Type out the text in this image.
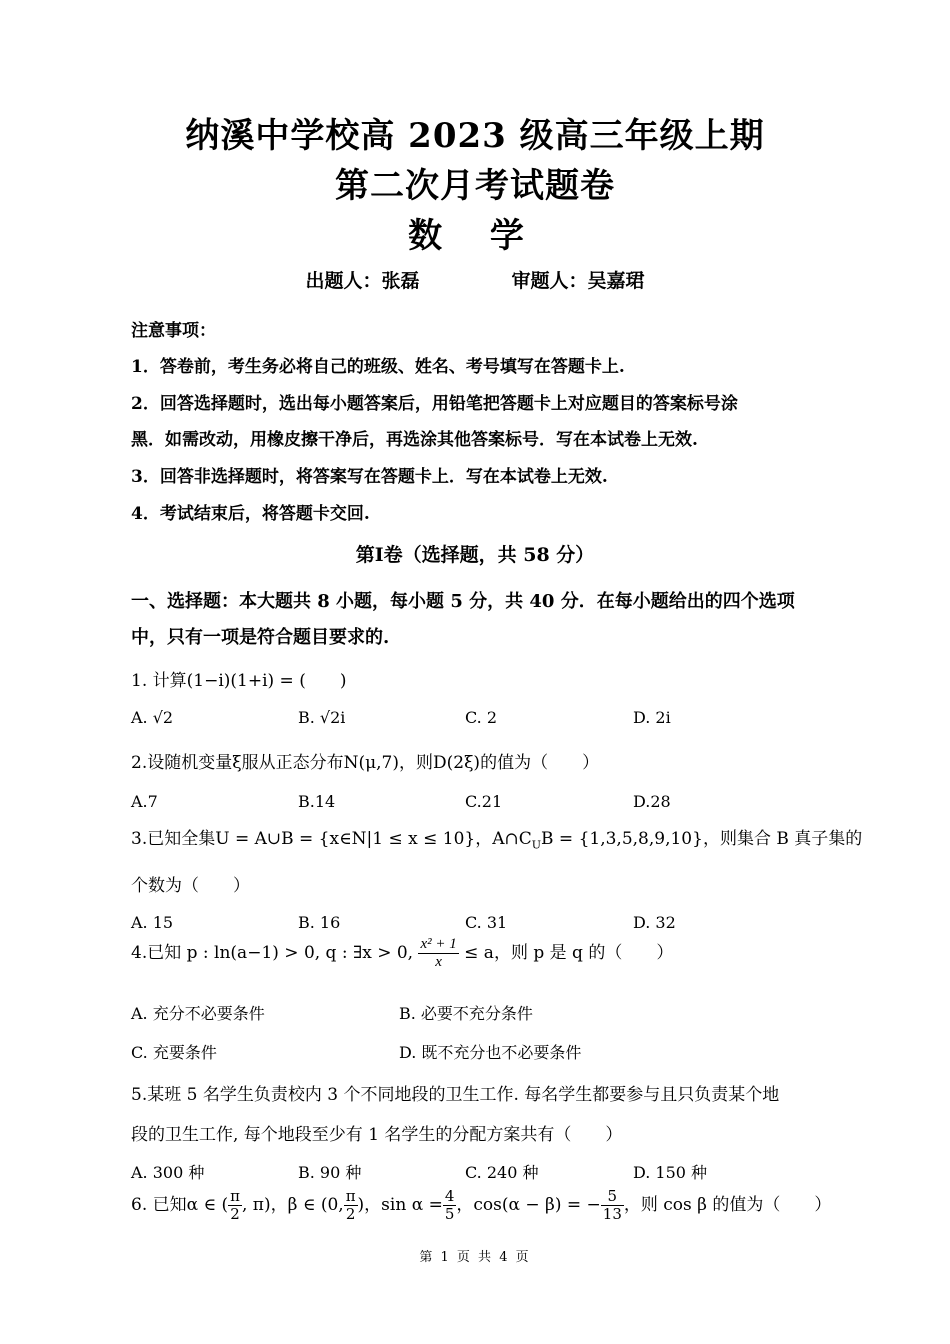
纳溪中学校高 2023 级高三年级上期
第二次月考试题卷
数 学
出题人：张磊	审题人：吴嘉珺
注意事项：
1．答卷前，考生务必将自己的班级、姓名、考号填写在答题卡上.
2．回答选择题时，选出每小题答案后，用铅笔把答题卡上对应题目的答案标号涂
黑．如需改动，用橡皮擦干净后，再选涂其他答案标号．写在本试卷上无效.
3．回答非选择题时，将答案写在答题卡上．写在本试卷上无效.
4．考试结束后，将答题卡交回.
第Ⅰ卷（选择题，共 58 分）
一、选择题：本大题共 8 小题，每小题 5 分，共 40 分．在每小题给出的四个选项
中，只有一项是符合题目要求的.
1. 计算(1−i)(1+i) = (　　)
A. √2	B. √2i	C. 2	D. 2i
2.设随机变量ξ服从正态分布N(μ,7)，则D(2ξ)的值为（　　）
A.7	B.14	C.21	D.28
3.已知全集U = A∪B = {x∈N|1 ≤ x ≤ 10}，$A\cap C_UB = \{1,3,5,8,9,10\}$，则集合 B 真子集的
个数为（　　）
A. 15	B. 16	C. 31	D. 32
4.已知 p : ln(a−1) > 0, q : ∃x > 0, $\frac{\text{x² + 1}}{x} \le a$，则 p 是 q 的（　　）
A. 充分不必要条件	B. 必要不充分条件
C. 充要条件	D. 既不充分也不必要条件
5.某班 5 名学生负责校内 3 个不同地段的卫生工作. 每名学生都要参与且只负责某个地
段的卫生工作, 每个地段至少有 1 名学生的分配方案共有（　　）
A. 300 种	B. 90 种	C. 240 种	D. 150 种
6. 已知α ∈ ( $\frac{\pi}{2}$ , π)，β ∈ (0, $\frac{\pi}{2}$ )，$\sin \alpha = \frac{4}{5}$ ，cos(α − β) = − $\frac{5}{13}$ ，则 cos β 的值为（　　）
第 1 页 共 4 页
